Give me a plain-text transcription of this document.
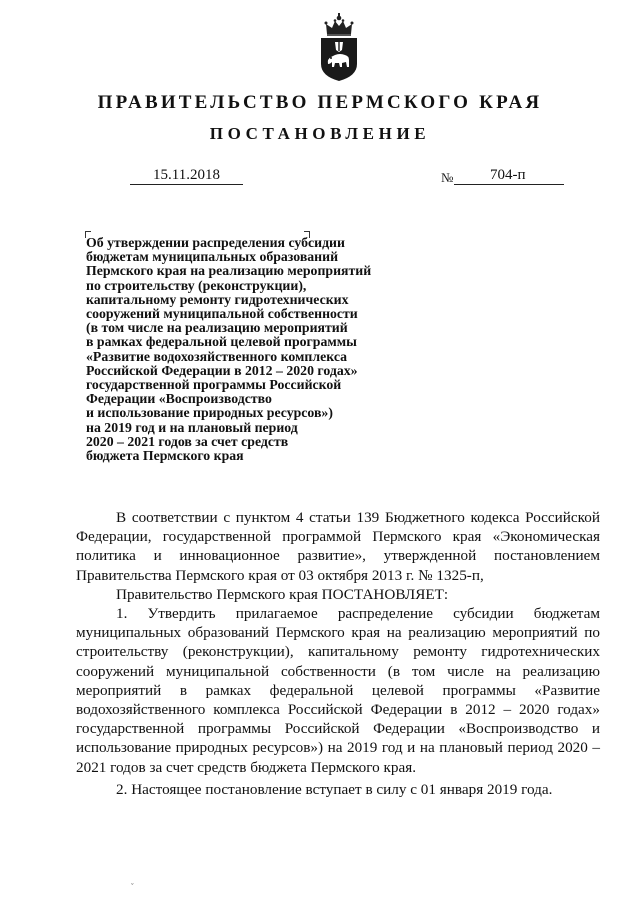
ПРАВИТЕЛЬСТВО ПЕРМСКОГО КРАЯ
ПОСТАНОВЛЕНИЕ
15.11.2018	№ 704-п
Об утверждении распределения субсидии
бюджетам муниципальных образований
Пермского края на реализацию мероприятий
по строительству (реконструкции),
капитальному ремонту гидротехнических
сооружений муниципальной собственности
(в том числе на реализацию мероприятий
в рамках федеральной целевой программы
«Развитие водохозяйственного комплекса
Российской Федерации в 2012 – 2020 годах»
государственной программы Российской
Федерации «Воспроизводство
и использование природных ресурсов»)
на 2019 год и на плановый период
2020 – 2021 годов за счет средств
бюджета Пермского края

В соответствии с пунктом 4 статьи 139 Бюджетного кодекса Российской Федерации, государственной программой Пермского края «Экономическая политика и инновационное развитие», утвержденной постановлением Правительства Пермского края от 03 октября 2013 г. № 1325-п,

Правительство Пермского края ПОСТАНОВЛЯЕТ:

1. Утвердить прилагаемое распределение субсидии бюджетам муниципальных образований Пермского края на реализацию мероприятий по строительству (реконструкции), капитальному ремонту гидротехнических сооружений муниципальной собственности (в том числе на реализацию мероприятий в рамках федеральной целевой программы «Развитие водохозяйственного комплекса Российской Федерации в 2012 – 2020 годах» государственной программы Российской Федерации «Воспроизводство и использование природных ресурсов») на 2019 год и на плановый период 2020 – 2021 годов за счет средств бюджета Пермского края.

2. Настоящее постановление вступает в силу с 01 января 2019 года.

ˇ
